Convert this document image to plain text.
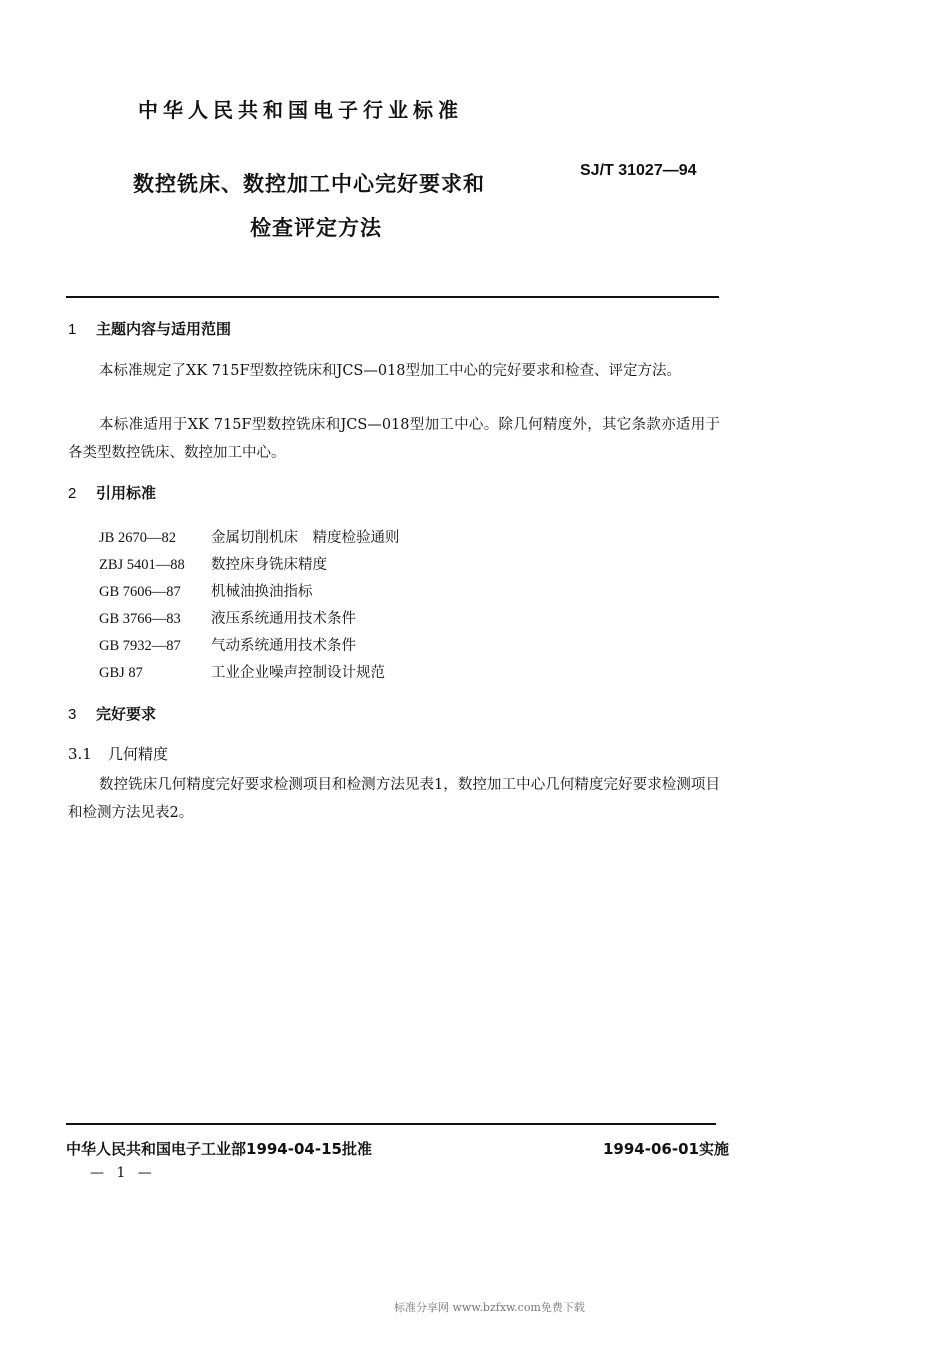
中华人民共和国电子行业标准
数控铣床、数控加工中心完好要求和
检查评定方法
SJ/T 31027—94
1 主题内容与适用范围
本标准规定了XK 715F型数控铣床和JCS—018型加工中心的完好要求和检查、评定方法。
本标准适用于XK 715F型数控铣床和JCS—018型加工中心。除几何精度外，其它条款亦适用于各类型数控铣床、数控加工中心。
2 引用标准
JB 2670—82 金属切削机床　精度检验通则
ZBJ 5401—88 数控床身铣床精度
GB 7606—87 机械油换油指标
GB 3766—83 液压系统通用技术条件
GB 7932—87 气动系统通用技术条件
GBJ 87	工业企业噪声控制设计规范
3 完好要求
3.1 几何精度
数控铣床几何精度完好要求检测项目和检测方法见表1，数控加工中心几何精度完好要求检测项目和检测方法见表2。
中华人民共和国电子工业部1994-04-15批准	1994-06-01实施
— 1 —
标准分享网 www.bzfxw.com免费下载
